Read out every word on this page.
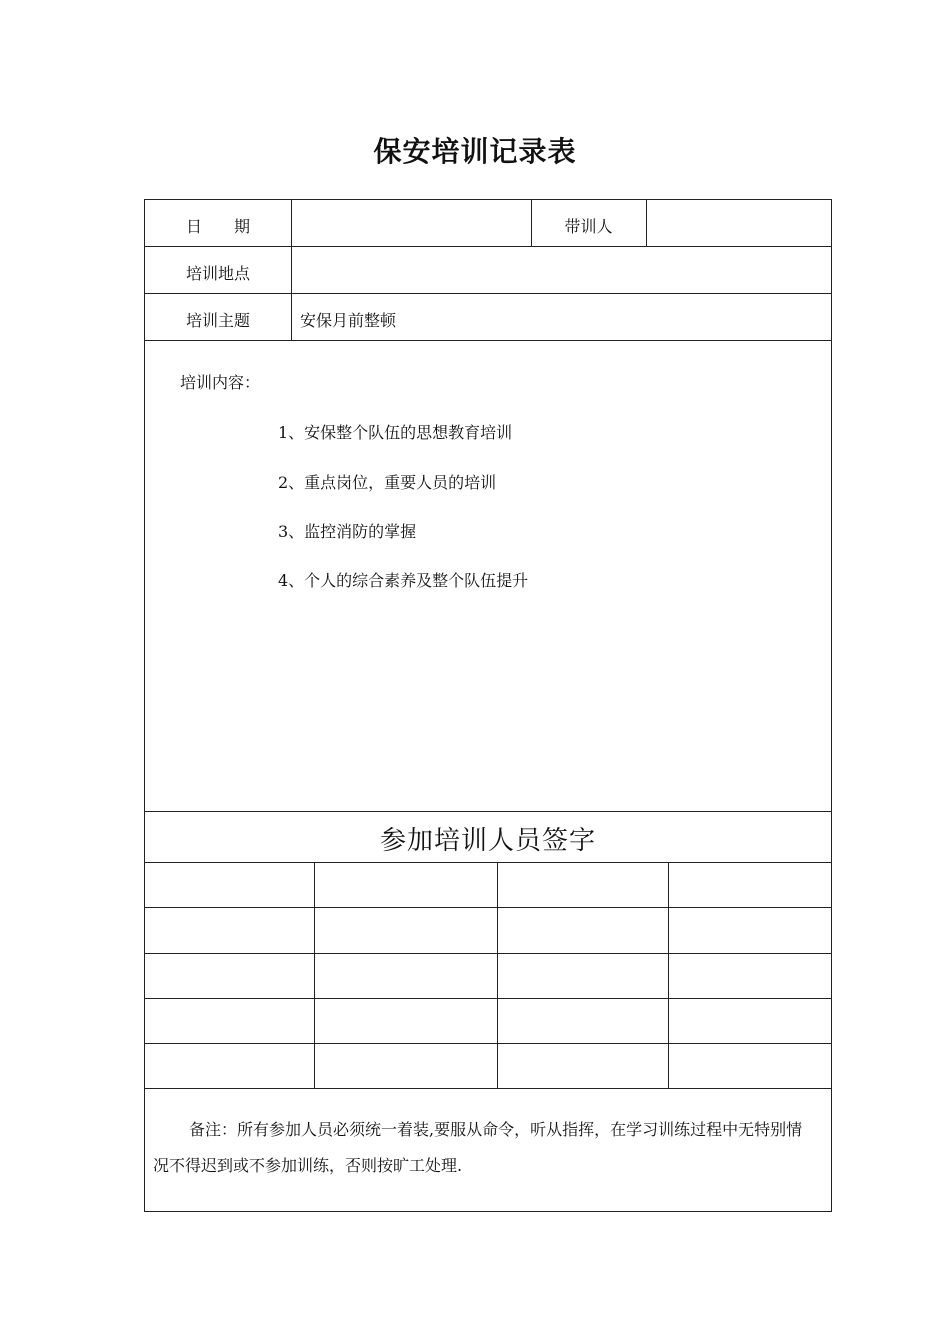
保安培训记录表
日　　期	带训人
培训地点
培训主题	安保月前整顿
培训内容：
1、安保整个队伍的思想教育培训
2、重点岗位，重要人员的培训
3、监控消防的掌握
4、个人的综合素养及整个队伍提升
参加培训人员签字
备注：所有参加人员必须统一着装,要服从命令，听从指挥，在学习训练过程中无特别情况不得迟到或不参加训练，否则按旷工处理.
